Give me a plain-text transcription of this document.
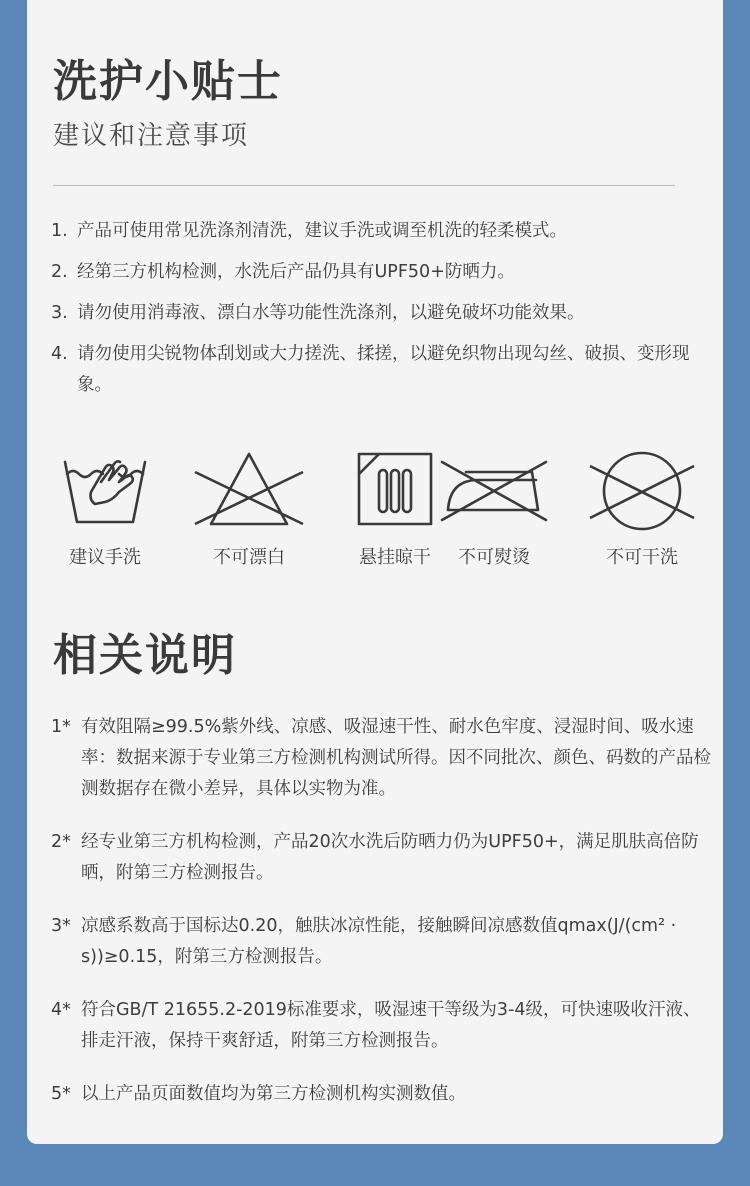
洗护小贴士
建议和注意事项
1. 产品可使用常见洗涤剂清洗，建议手洗或调至机洗的轻柔模式。
2. 经第三方机构检测，水洗后产品仍具有UPF50+防晒力。
3. 请勿使用消毒液、漂白水等功能性洗涤剂，以避免破坏功能效果。
4. 请勿使用尖锐物体刮划或大力搓洗、揉搓，以避免织物出现勾丝、破损、变形现象。
建议手洗	不可漂白	悬挂晾干	不可熨烫	不可干洗
相关说明
1* 有效阻隔≥99.5%紫外线、凉感、吸湿速干性、耐水色牢度、浸湿时间、吸水速率：数据来源于专业第三方检测机构测试所得。因不同批次、颜色、码数的产品检测数据存在微小差异，具体以实物为准。
2* 经专业第三方机构检测，产品20次水洗后防晒力仍为UPF50+，满足肌肤高倍防晒，附第三方检测报告。
3* 凉感系数高于国标达0.20，触肤冰凉性能，接触瞬间凉感数值qmax(J/(cm² · s))≥0.15，附第三方检测报告。
4* 符合GB/T 21655.2-2019标准要求，吸湿速干等级为3-4级，可快速吸收汗液、排走汗液，保持干爽舒适，附第三方检测报告。
5* 以上产品页面数值均为第三方检测机构实测数值。
